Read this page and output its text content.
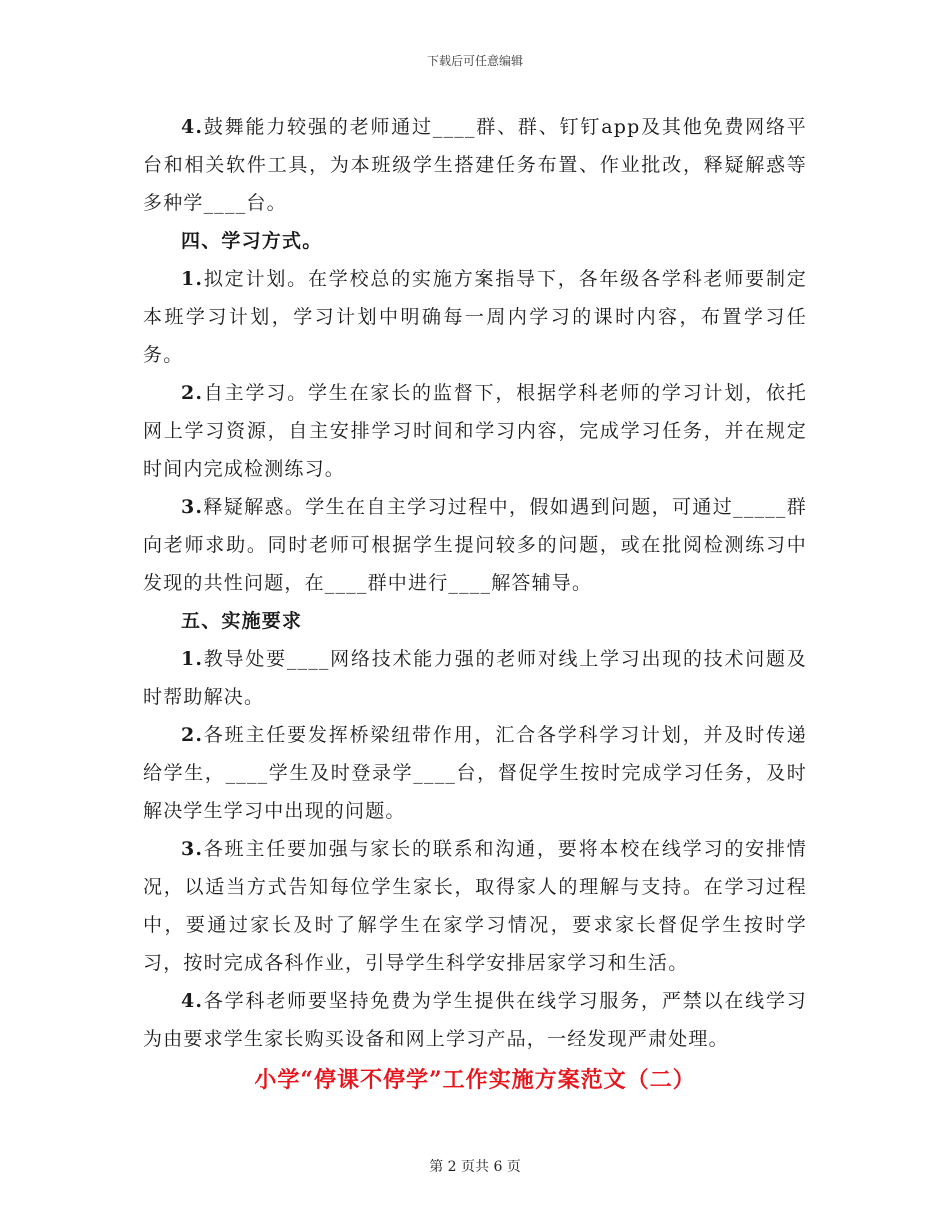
下载后可任意编辑

4.鼓舞能力较强的老师通过____群、群、钉钉app及其他免费网络平台和相关软件工具，为本班级学生搭建任务布置、作业批改，释疑解惑等多种学____台。

四、学习方式。

1.拟定计划。在学校总的实施方案指导下，各年级各学科老师要制定本班学习计划，学习计划中明确每一周内学习的课时内容，布置学习任务。

2.自主学习。学生在家长的监督下，根据学科老师的学习计划，依托网上学习资源，自主安排学习时间和学习内容，完成学习任务，并在规定时间内完成检测练习。

3.释疑解惑。学生在自主学习过程中，假如遇到问题，可通过_____群向老师求助。同时老师可根据学生提问较多的问题，或在批阅检测练习中发现的共性问题，在____群中进行____解答辅导。

五、实施要求

1.教导处要____网络技术能力强的老师对线上学习出现的技术问题及时帮助解决。

2.各班主任要发挥桥梁纽带作用，汇合各学科学习计划，并及时传递给学生，____学生及时登录学____台，督促学生按时完成学习任务，及时解决学生学习中出现的问题。

3.各班主任要加强与家长的联系和沟通，要将本校在线学习的安排情况，以适当方式告知每位学生家长，取得家人的理解与支持。在学习过程中，要通过家长及时了解学生在家学习情况，要求家长督促学生按时学习，按时完成各科作业，引导学生科学安排居家学习和生活。

4.各学科老师要坚持免费为学生提供在线学习服务，严禁以在线学习为由要求学生家长购买设备和网上学习产品，一经发现严肃处理。

小学“停课不停学”工作实施方案范文（二）

第 2 页共 6 页
